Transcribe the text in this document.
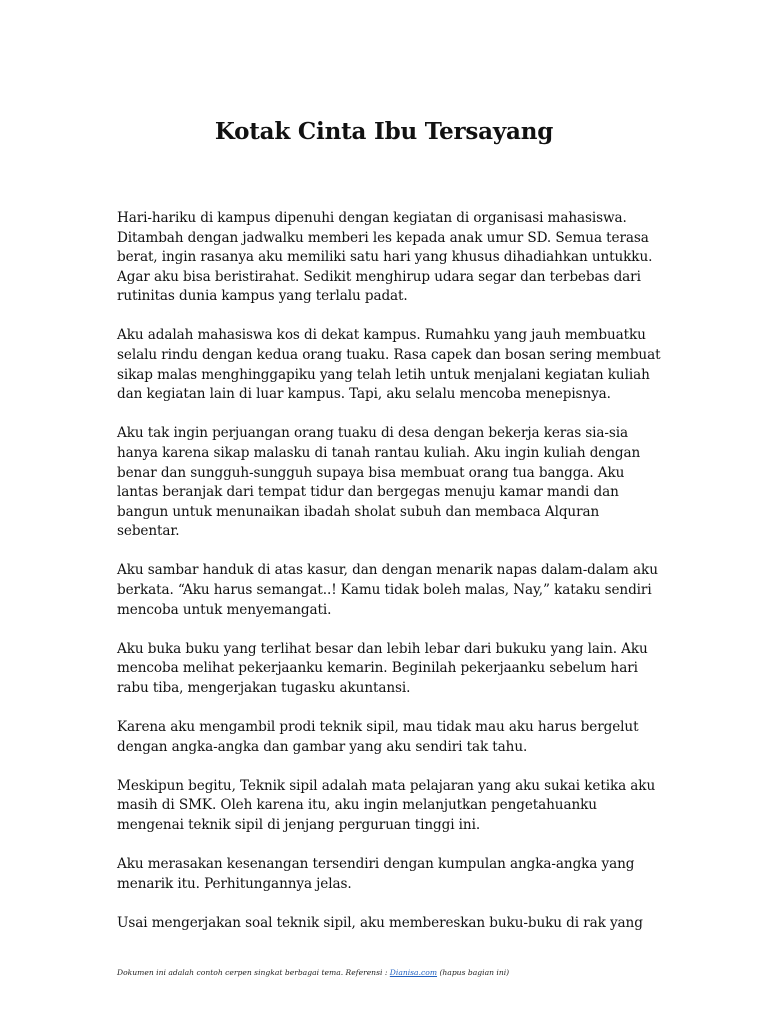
Kotak Cinta Ibu Tersayang

Hari-hariku di kampus dipenuhi dengan kegiatan di organisasi mahasiswa. Ditambah dengan jadwalku memberi les kepada anak umur SD. Semua terasa berat, ingin rasanya aku memiliki satu hari yang khusus dihadiahkan untukku. Agar aku bisa beristirahat. Sedikit menghirup udara segar dan terbebas dari rutinitas dunia kampus yang terlalu padat.

Aku adalah mahasiswa kos di dekat kampus. Rumahku yang jauh membuatku selalu rindu dengan kedua orang tuaku. Rasa capek dan bosan sering membuat sikap malas menghinggapiku yang telah letih untuk menjalani kegiatan kuliah dan kegiatan lain di luar kampus. Tapi, aku selalu mencoba menepisnya.

Aku tak ingin perjuangan orang tuaku di desa dengan bekerja keras sia-sia hanya karena sikap malasku di tanah rantau kuliah. Aku ingin kuliah dengan benar dan sungguh-sungguh supaya bisa membuat orang tua bangga. Aku lantas beranjak dari tempat tidur dan bergegas menuju kamar mandi dan bangun untuk menunaikan ibadah sholat subuh dan membaca Alquran sebentar.

Aku sambar handuk di atas kasur, dan dengan menarik napas dalam-dalam aku berkata. “Aku harus semangat..! Kamu tidak boleh malas, Nay,” kataku sendiri mencoba untuk menyemangati.

Aku buka buku yang terlihat besar dan lebih lebar dari bukuku yang lain. Aku mencoba melihat pekerjaanku kemarin. Beginilah pekerjaanku sebelum hari rabu tiba, mengerjakan tugasku akuntansi.

Karena aku mengambil prodi teknik sipil, mau tidak mau aku harus bergelut dengan angka-angka dan gambar yang aku sendiri tak tahu.

Meskipun begitu, Teknik sipil adalah mata pelajaran yang aku sukai ketika aku masih di SMK. Oleh karena itu, aku ingin melanjutkan pengetahuanku mengenai teknik sipil di jenjang perguruan tinggi ini.

Aku merasakan kesenangan tersendiri dengan kumpulan angka-angka yang menarik itu. Perhitungannya jelas.

Usai mengerjakan soal teknik sipil, aku membereskan buku-buku di rak yang

Dokumen ini adalah contoh cerpen singkat berbagai tema. Referensi : Dianisa.com (hapus bagian ini)
